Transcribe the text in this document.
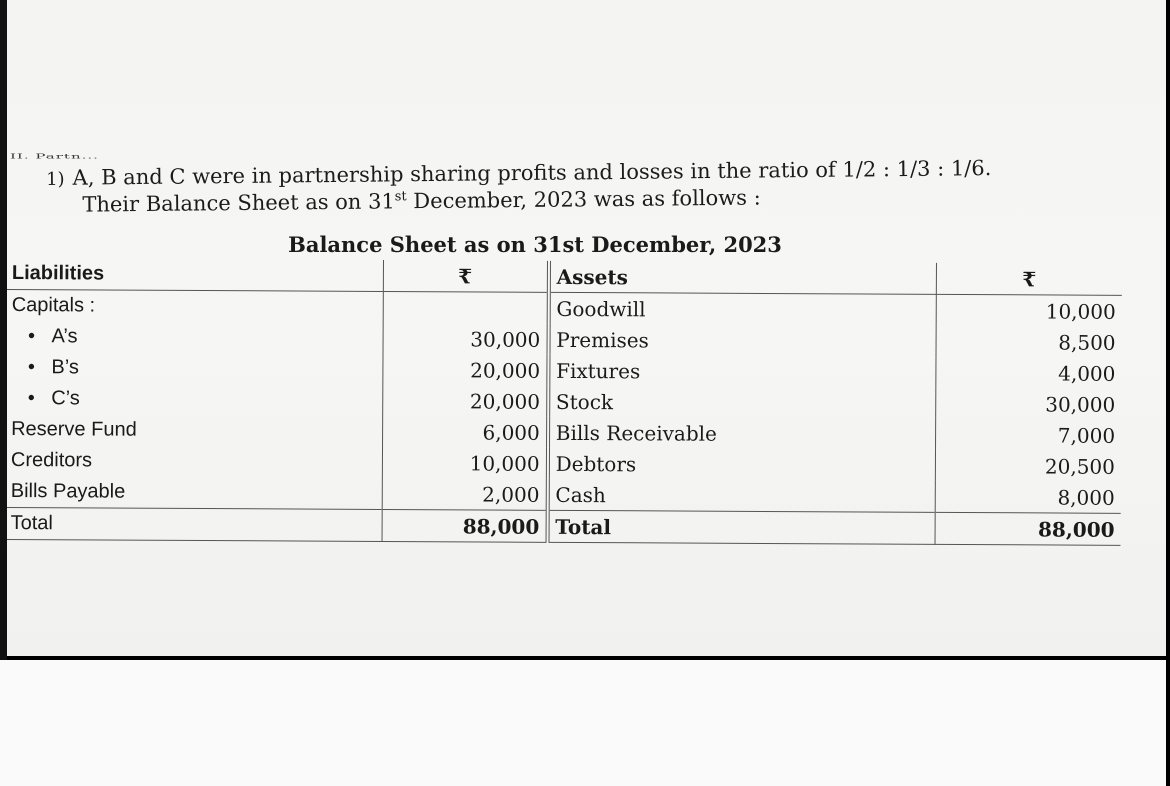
II. Partn...
1) A, B and C were in partnership sharing profits and losses in the ratio of 1/2 : 1/3 : 1/6.
Their Balance Sheet as on 31st December, 2023 was as follows :
Balance Sheet as on 31st December, 2023
Liabilities	₹	Assets	₹
Capitals :		Goodwill	10,000
•A’s	30,000	Premises	8,500
•B’s	20,000	Fixtures	4,000
•C’s	20,000	Stock	30,000
Reserve Fund	6,000	Bills Receivable	7,000
Creditors	10,000	Debtors	20,500
Bills Payable	2,000	Cash	8,000
Total	88,000	Total	88,000
